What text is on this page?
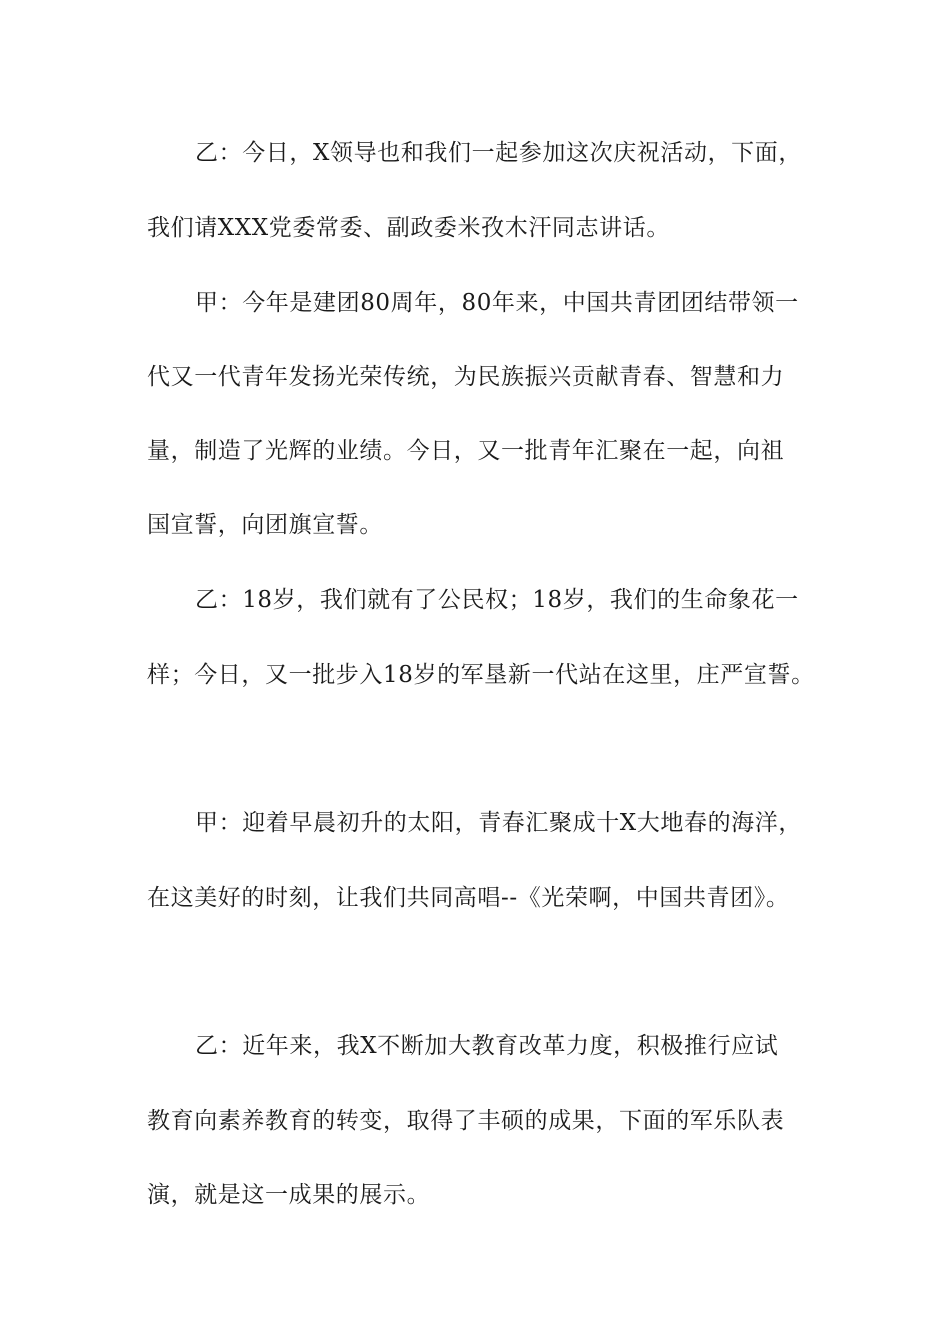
乙：今日，X领导也和我们一起参加这次庆祝活动，下面，
我们请XXX党委常委、副政委米孜木汗同志讲话。
甲：今年是建团80周年，80年来，中国共青团团结带领一
代又一代青年发扬光荣传统，为民族振兴贡献青春、智慧和力
量，制造了光辉的业绩。今日，又一批青年汇聚在一起，向祖
国宣誓，向团旗宣誓。
乙：18岁，我们就有了公民权；18岁，我们的生命象花一
样；今日，又一批步入18岁的军垦新一代站在这里，庄严宣誓。
甲：迎着早晨初升的太阳，青春汇聚成十X大地春的海洋，
在这美好的时刻，让我们共同高唱--《光荣啊，中国共青团》。
乙：近年来，我X不断加大教育改革力度，积极推行应试
教育向素养教育的转变，取得了丰硕的成果，下面的军乐队表
演，就是这一成果的展示。
